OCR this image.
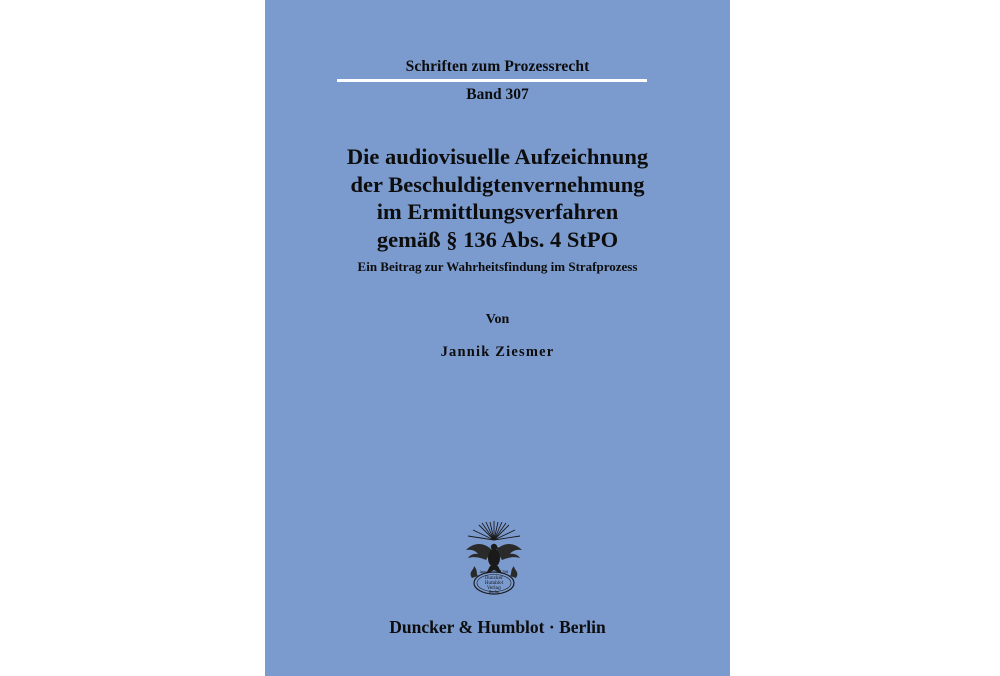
Schriften zum Prozessrecht
Band 307
Die audiovisuelle Aufzeichnung
der Beschuldigtenvernehmung
im Ermittlungsverfahren
gemäß § 136 Abs. 4 StPO
Ein Beitrag zur Wahrheitsfindung im Strafprozess
Von
Jannik Ziesmer
Duncker
Humblot
Verlag
Anno	1798
Berlin
Duncker & Humblot · Berlin
